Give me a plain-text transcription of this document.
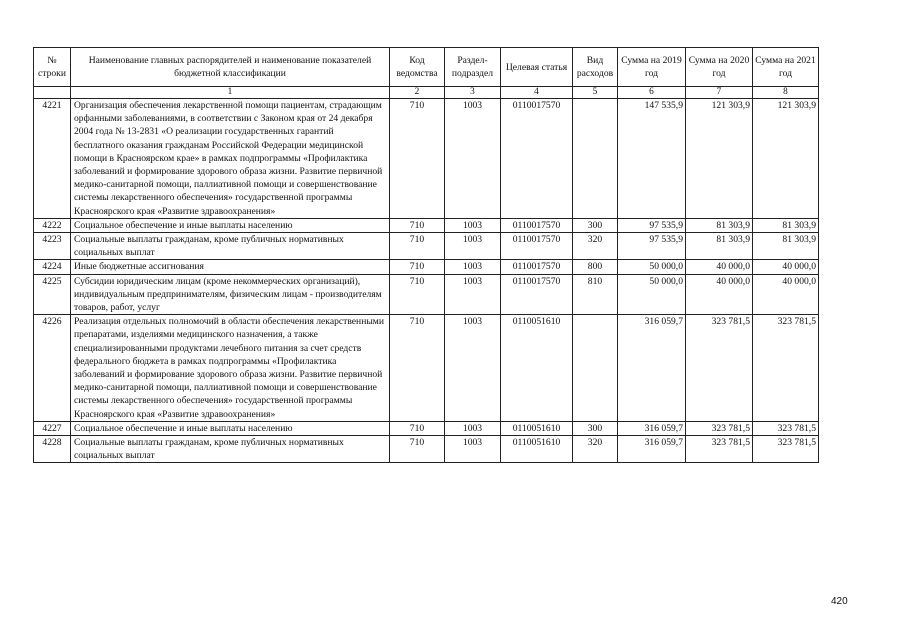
№ строки	Наименование главных распорядителей и наименование показателей бюджетной классификации	Код ведомства	Раздел-подраздел	Целевая статья	Вид расходов	Сумма на 2019 год	Сумма на 2020 год	Сумма на 2021 год
	1	2	3	4	5	6	7	8
4221	Организация обеспечения лекарственной помощи пациентам, страдающим орфанными заболеваниями, в соответствии с Законом края от 24 декабря 2004 года № 13-2831 «О реализации государственных гарантий бесплатного оказания гражданам Российской Федерации медицинской помощи в Красноярском крае» в рамках подпрограммы «Профилактика заболеваний и формирование здорового образа жизни. Развитие первичной медико-санитарной помощи, паллиативной помощи и совершенствование системы лекарственного обеспечения» государственной программы Красноярского края «Развитие здравоохранения»	710	1003	0110017570		147 535,9	121 303,9	121 303,9
4222	Социальное обеспечение и иные выплаты населению	710	1003	0110017570	300	97 535,9	81 303,9	81 303,9
4223	Социальные выплаты гражданам, кроме публичных нормативных социальных выплат	710	1003	0110017570	320	97 535,9	81 303,9	81 303,9
4224	Иные бюджетные ассигнования	710	1003	0110017570	800	50 000,0	40 000,0	40 000,0
4225	Субсидии юридическим лицам (кроме некоммерческих организаций), индивидуальным предпринимателям, физическим лицам - производителям товаров, работ, услуг	710	1003	0110017570	810	50 000,0	40 000,0	40 000,0
4226	Реализация отдельных полномочий в области обеспечения лекарственными препаратами, изделиями медицинского назначения, а также специализированными продуктами лечебного питания за счет средств федерального бюджета в рамках подпрограммы «Профилактика заболеваний и формирование здорового образа жизни. Развитие первичной медико-санитарной помощи, паллиативной помощи и совершенствование системы лекарственного обеспечения» государственной программы Красноярского края «Развитие здравоохранения»	710	1003	0110051610		316 059,7	323 781,5	323 781,5
4227	Социальное обеспечение и иные выплаты населению	710	1003	0110051610	300	316 059,7	323 781,5	323 781,5
4228	Социальные выплаты гражданам, кроме публичных нормативных социальных выплат	710	1003	0110051610	320	316 059,7	323 781,5	323 781,5
420
